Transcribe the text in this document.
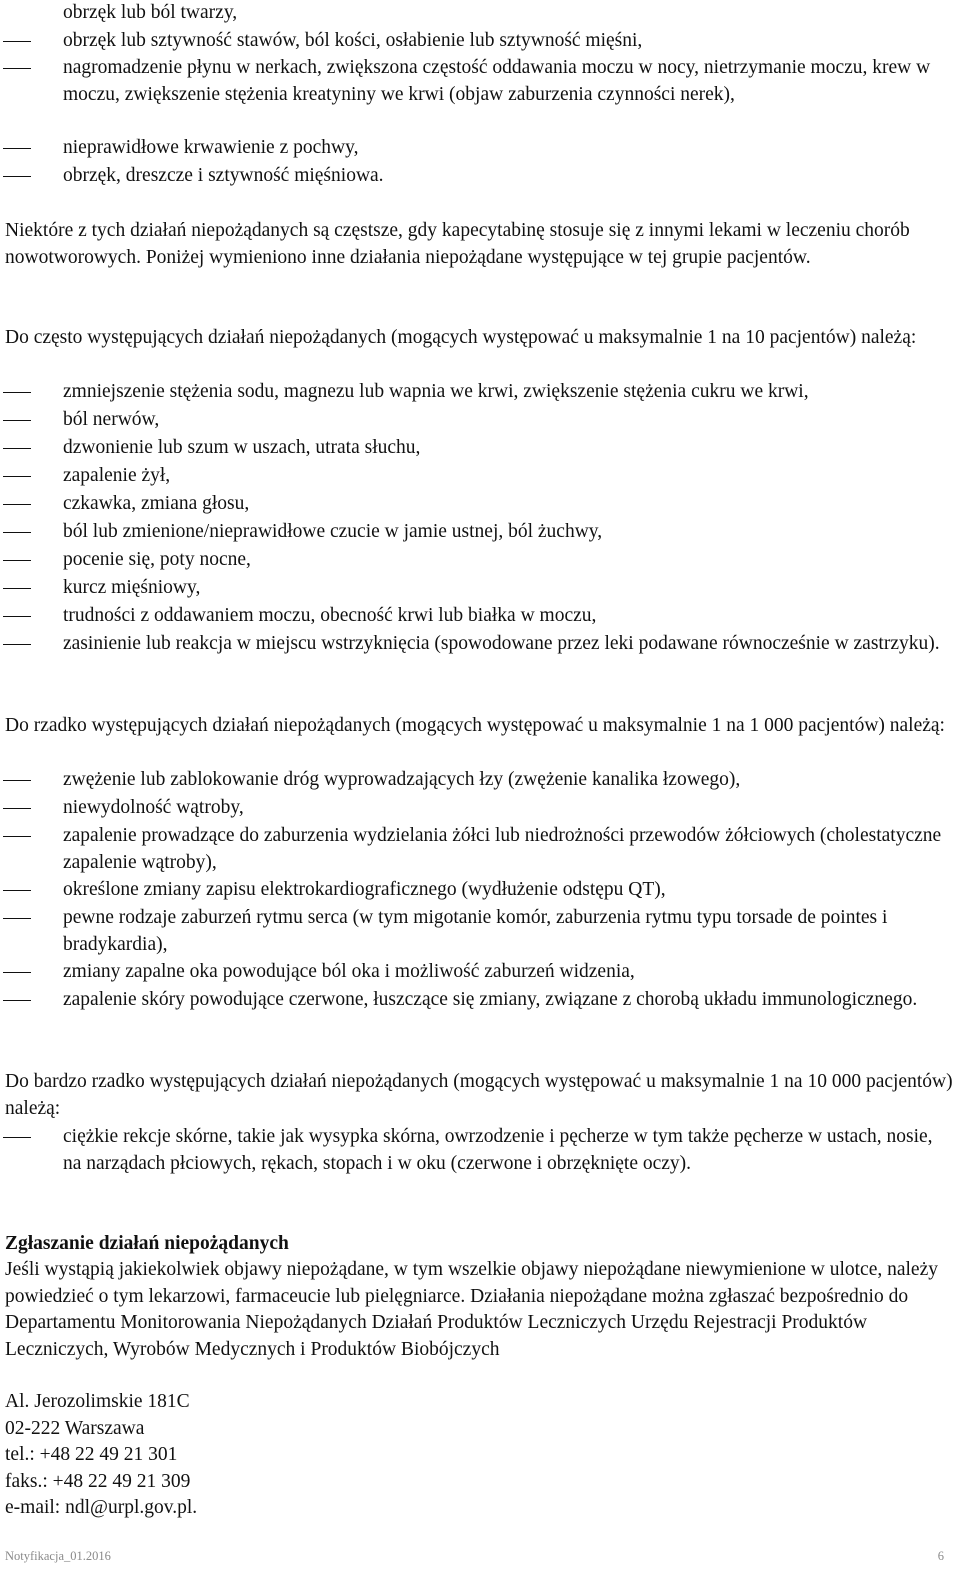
obrzęk lub ból twarzy,

obrzęk lub sztywność stawów, ból kości, osłabienie lub sztywność mięśni,

nagromadzenie płynu w nerkach, zwiększona częstość oddawania moczu w nocy, nietrzymanie moczu, krew w moczu, zwiększenie stężenia kreatyniny we krwi (objaw zaburzenia czynności nerek),

nieprawidłowe krwawienie z pochwy,

obrzęk, dreszcze i sztywność mięśniowa.

Niektóre z tych działań niepożądanych są częstsze, gdy kapecytabinę stosuje się z innymi lekami w leczeniu chorób nowotworowych. Poniżej wymieniono inne działania niepożądane występujące w tej grupie pacjentów.

Do często występujących działań niepożądanych (mogących występować u maksymalnie 1 na 10 pacjentów) należą:

zmniejszenie stężenia sodu, magnezu lub wapnia we krwi, zwiększenie stężenia cukru we krwi,

ból nerwów,

dzwonienie lub szum w uszach, utrata słuchu,

zapalenie żył,

czkawka, zmiana głosu,

ból lub zmienione/nieprawidłowe czucie w jamie ustnej, ból żuchwy,

pocenie się, poty nocne,

kurcz mięśniowy,

trudności z oddawaniem moczu, obecność krwi lub białka w moczu,

zasinienie lub reakcja w miejscu wstrzyknięcia (spowodowane przez leki podawane równocześnie w zastrzyku).

Do rzadko występujących działań niepożądanych (mogących występować u maksymalnie 1 na 1 000 pacjentów) należą:

zwężenie lub zablokowanie dróg wyprowadzających łzy (zwężenie kanalika łzowego),

niewydolność wątroby,

zapalenie prowadzące do zaburzenia wydzielania żółci lub niedrożności przewodów żółciowych (cholestatyczne zapalenie wątroby),

określone zmiany zapisu elektrokardiograficznego (wydłużenie odstępu QT),

pewne rodzaje zaburzeń rytmu serca (w tym migotanie komór, zaburzenia rytmu typu torsade de pointes i bradykardia),

zmiany zapalne oka powodujące ból oka i możliwość zaburzeń widzenia,

zapalenie skóry powodujące czerwone, łuszczące się zmiany, związane z chorobą układu immunologicznego.

Do bardzo rzadko występujących działań niepożądanych (mogących występować u maksymalnie 1 na 10 000 pacjentów) należą:

ciężkie rekcje skórne, takie jak wysypka skórna, owrzodzenie i pęcherze w tym także pęcherze w ustach, nosie, na narządach płciowych, rękach, stopach i w oku (czerwone i obrzęknięte oczy).

Zgłaszanie działań niepożądanych

Jeśli wystąpią jakiekolwiek objawy niepożądane, w tym wszelkie objawy niepożądane niewymienione w ulotce, należy powiedzieć o tym lekarzowi, farmaceucie lub pielęgniarce. Działania niepożądane można zgłaszać bezpośrednio do Departamentu Monitorowania Niepożądanych Działań Produktów Leczniczych Urzędu Rejestracji Produktów Leczniczych, Wyrobów Medycznych i Produktów Biobójczych

Al. Jerozolimskie 181C

02-222 Warszawa

tel.: +48 22 49 21 301

faks.: +48 22 49 21 309

e-mail: ndl@urpl.gov.pl.

Notyfikacja_01.2016	6
